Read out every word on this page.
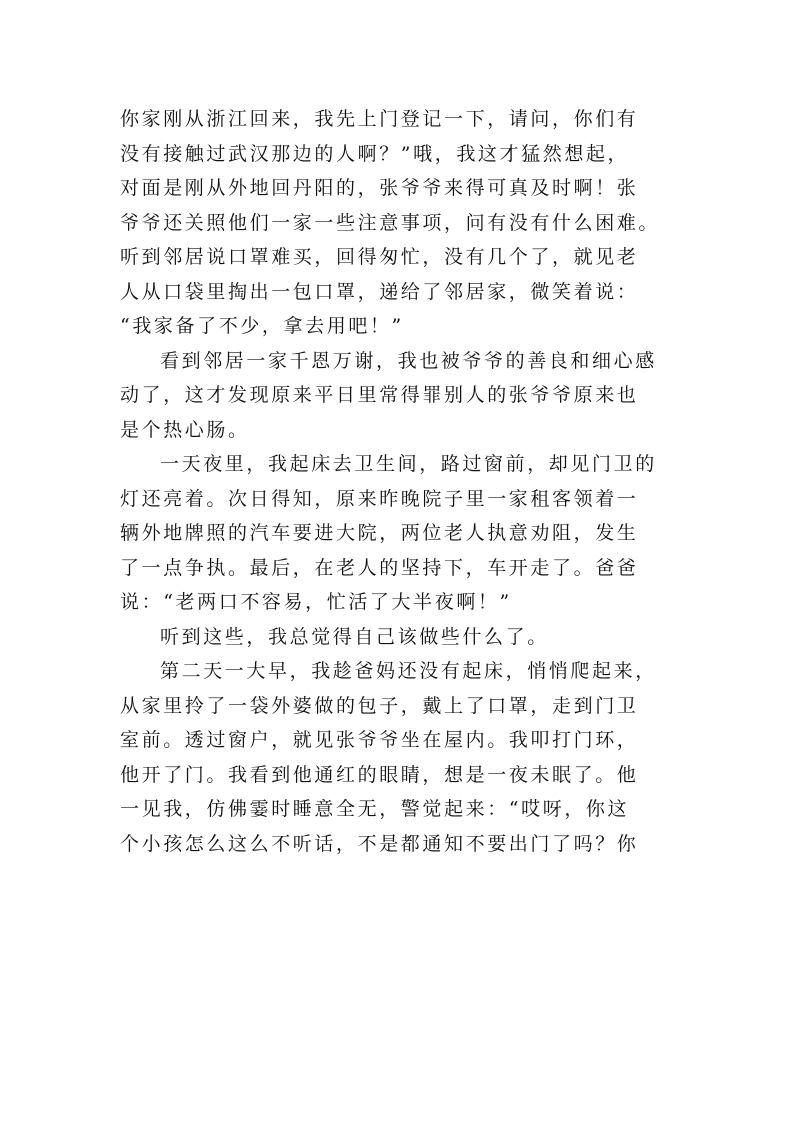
你家刚从浙江回来，我先上门登记一下，请问，你们有
没有接触过武汉那边的人啊？”哦，我这才猛然想起，
对面是刚从外地回丹阳的，张爷爷来得可真及时啊！张
爷爷还关照他们一家一些注意事项，问有没有什么困难。
听到邻居说口罩难买，回得匆忙，没有几个了，就见老
人从口袋里掏出一包口罩，递给了邻居家，微笑着说：
“我家备了不少，拿去用吧！”
看到邻居一家千恩万谢，我也被爷爷的善良和细心感
动了，这才发现原来平日里常得罪别人的张爷爷原来也
是个热心肠。
一天夜里，我起床去卫生间，路过窗前，却见门卫的
灯还亮着。次日得知，原来昨晚院子里一家租客领着一
辆外地牌照的汽车要进大院，两位老人执意劝阻，发生
了一点争执。最后，在老人的坚持下，车开走了。爸爸
说：“老两口不容易，忙活了大半夜啊！”
听到这些，我总觉得自己该做些什么了。
第二天一大早，我趁爸妈还没有起床，悄悄爬起来，
从家里拎了一袋外婆做的包子，戴上了口罩，走到门卫
室前。透过窗户，就见张爷爷坐在屋内。我叩打门环，
他开了门。我看到他通红的眼睛，想是一夜未眠了。他
一见我，仿佛霎时睡意全无，警觉起来：“哎呀，你这
个小孩怎么这么不听话，不是都通知不要出门了吗？你
